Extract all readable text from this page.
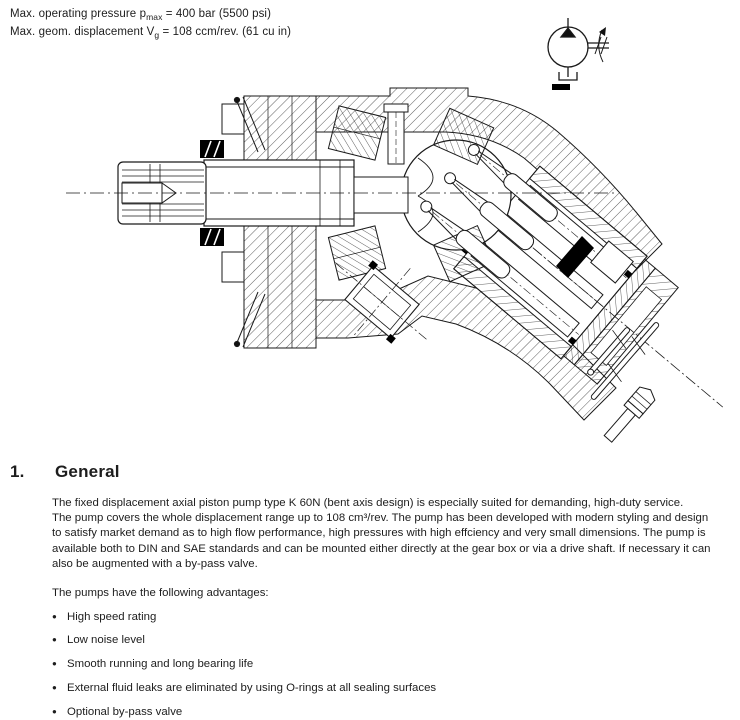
Max. operating pressure $p_{max} = 400$ bar (5500 psi)
Max. geom. displacement $V_g = 108$ ccm/rev. (61 cu in)
1.	General
The fixed displacement axial piston pump type K 60N (bent axis design) is especially suited for demanding, high-duty service.
The pump covers the whole displacement range up to 108 cm³/rev. The pump has been developed with modern styling and design
to satisfy market demand as to high flow performance, high pressures with high effciency and very small dimensions. The pump is
available both to DIN and SAE standards and can be mounted either directly at the gear box or via a drive shaft. If necessary it can
also be augmented with a by-pass valve.
The pumps have the following advantages:
● High speed rating
● Low noise level
● Smooth running and long bearing life
● External fluid leaks are eliminated by using O-rings at all sealing surfaces
● Optional by-pass valve
